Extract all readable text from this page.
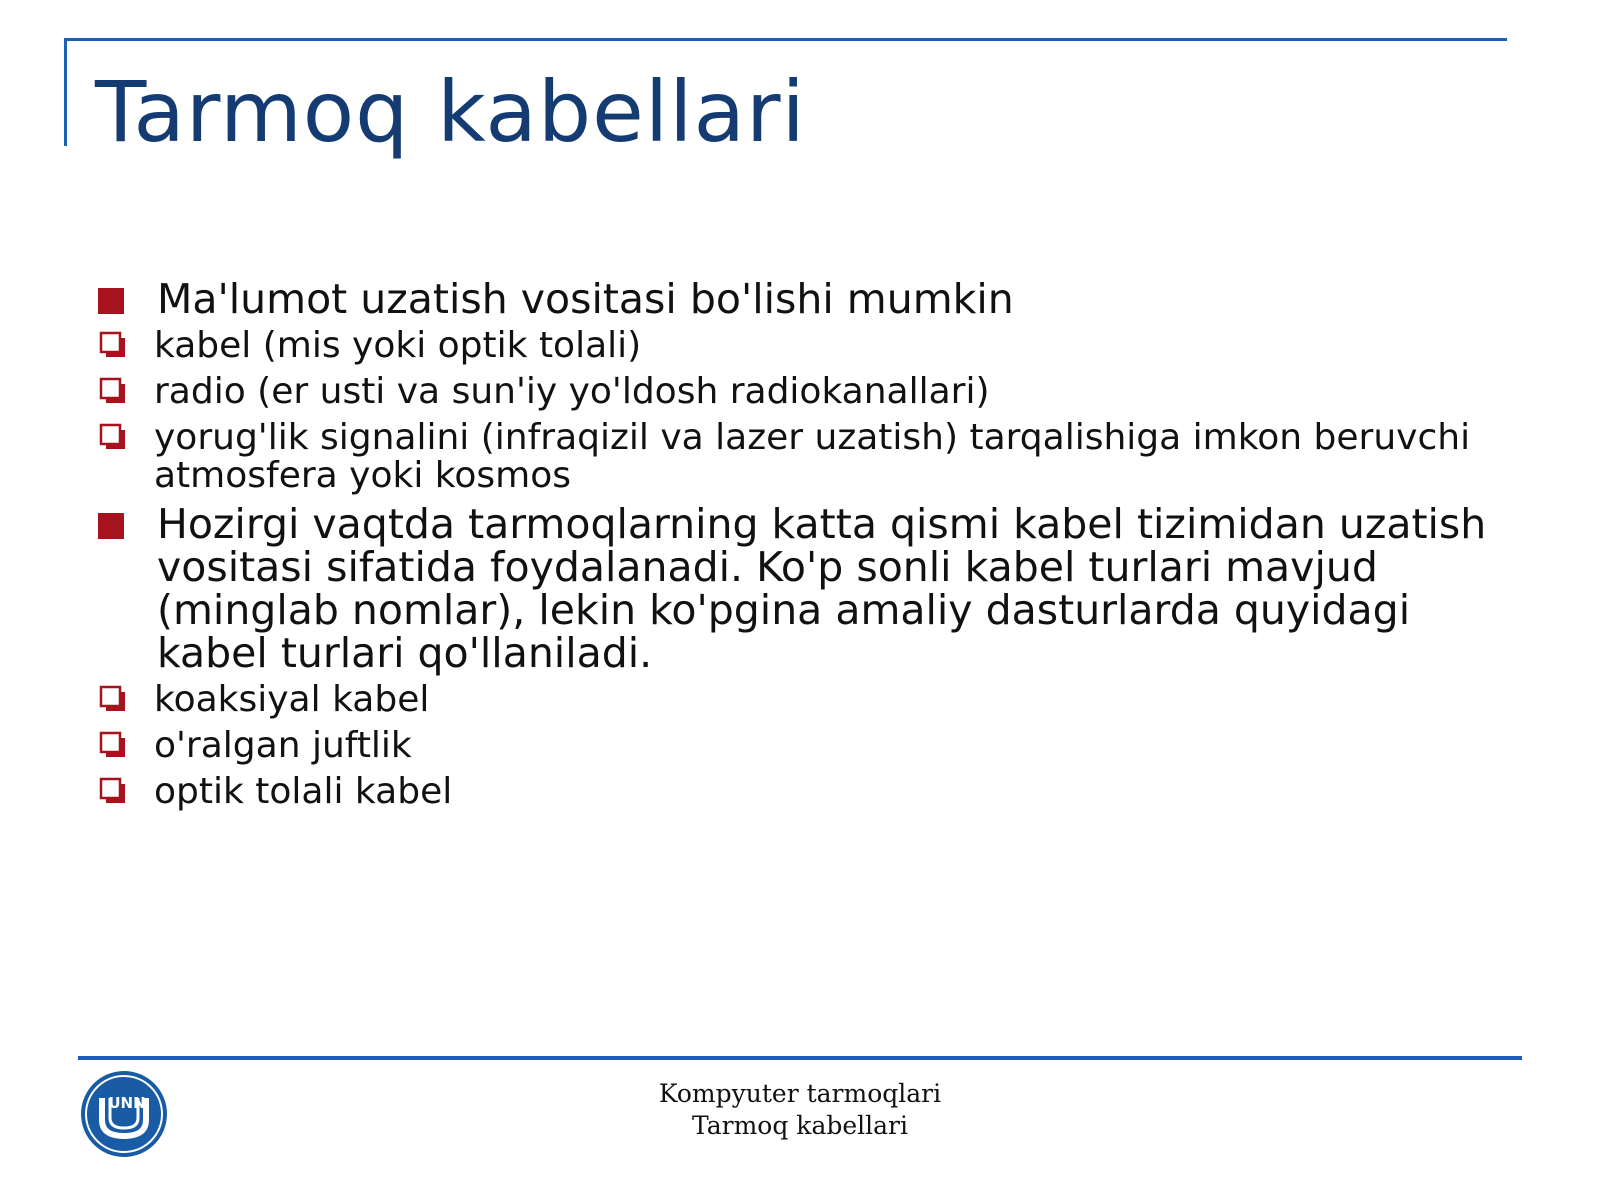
Tarmoq kabellari
Ma'lumot uzatish vositasi bo'lishi mumkin
kabel (mis yoki optik tolali)
radio (er usti va sun'iy yo'ldosh radiokanallari)
yorug'lik signalini (infraqizil va lazer uzatish) tarqalishiga imkon beruvchi atmosfera yoki kosmos
Hozirgi vaqtda tarmoqlarning katta qismi kabel tizimidan uzatish vositasi sifatida foydalanadi. Ko'p sonli kabel turlari mavjud (minglab nomlar), lekin ko'pgina amaliy dasturlarda quyidagi kabel turlari qo'llaniladi.
koaksiyal kabel
o'ralgan juftlik
optik tolali kabel
UNN	Kompyuter tarmoqlari
Tarmoq kabellari
